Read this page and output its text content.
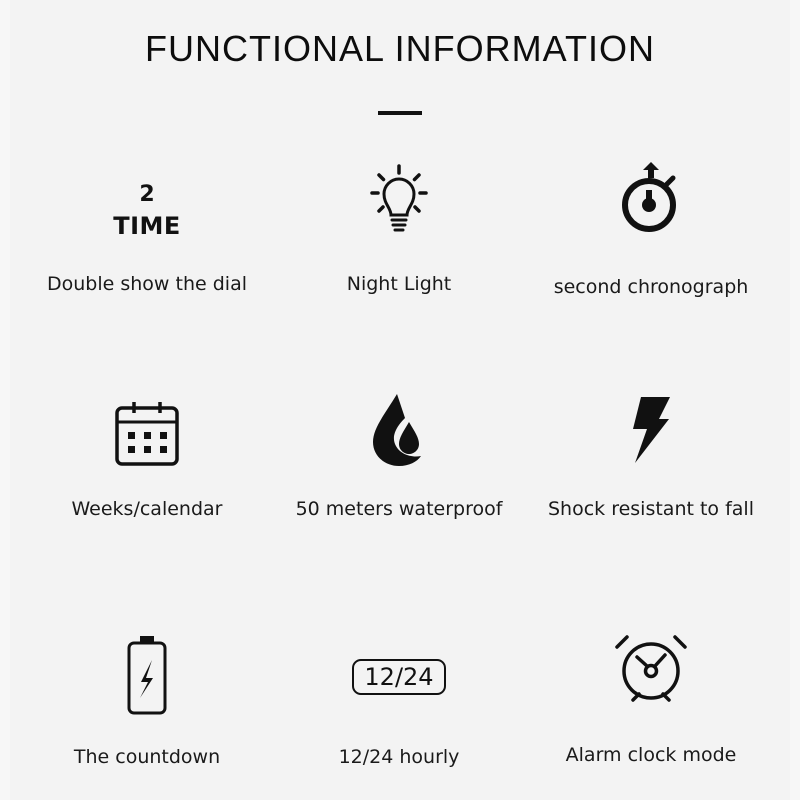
FUNCTIONAL INFORMATION
2
TIME
Double show the dial	Night Light	second chronograph
Weeks/calendar	50 meters waterproof	Shock resistant to fall
The countdown
12/24
12/24 hourly	Alarm clock mode
